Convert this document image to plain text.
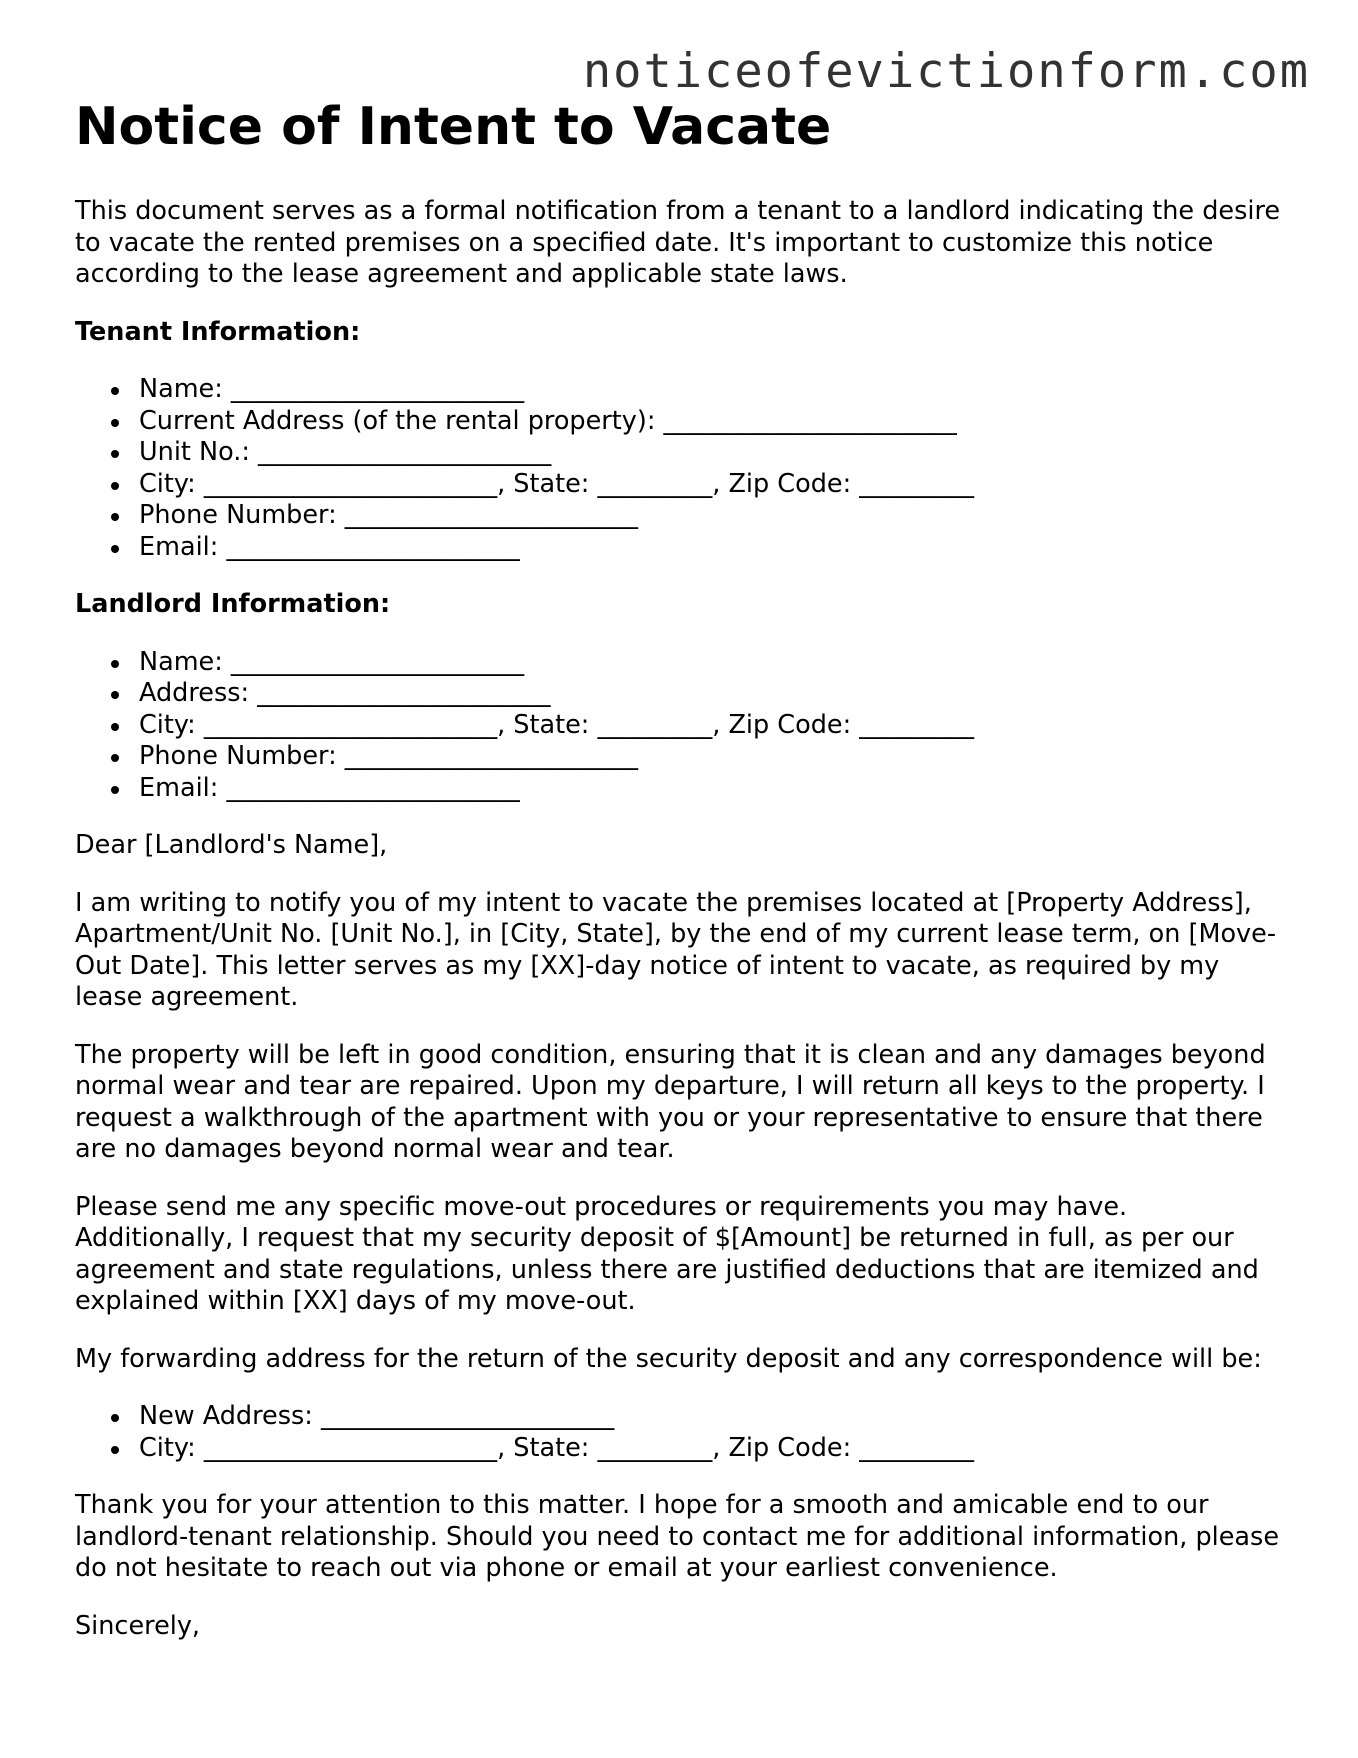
noticeofevictionform.com
Notice of Intent to Vacate

This document serves as a formal notification from a tenant to a landlord indicating the desire to vacate the rented premises on a specified date. It's important to customize this notice according to the lease agreement and applicable state laws.

Tenant Information:
Name: _______________________
Current Address (of the rental property): _______________________
Unit No.: _______________________
City: _______________________, State: _________, Zip Code: _________
Phone Number: _______________________
Email: _______________________
Landlord Information:
Name: _______________________
Address: _______________________
City: _______________________, State: _________, Zip Code: _________
Phone Number: _______________________
Email: _______________________

Dear [Landlord's Name],

I am writing to notify you of my intent to vacate the premises located at [Property Address], Apartment/Unit No. [Unit No.], in [City, State], by the end of my current lease term, on [Move-Out Date]. This letter serves as my [XX]-day notice of intent to vacate, as required by my lease agreement.

The property will be left in good condition, ensuring that it is clean and any damages beyond normal wear and tear are repaired. Upon my departure, I will return all keys to the property. I request a walkthrough of the apartment with you or your representative to ensure that there are no damages beyond normal wear and tear.

Please send me any specific move-out procedures or requirements you may have. Additionally, I request that my security deposit of $[Amount] be returned in full, as per our agreement and state regulations, unless there are justified deductions that are itemized and explained within [XX] days of my move-out.

My forwarding address for the return of the security deposit and any correspondence will be:

New Address: _______________________
City: _______________________, State: _________, Zip Code: _________

Thank you for your attention to this matter. I hope for a smooth and amicable end to our landlord-tenant relationship. Should you need to contact me for additional information, please do not hesitate to reach out via phone or email at your earliest convenience.

Sincerely,
